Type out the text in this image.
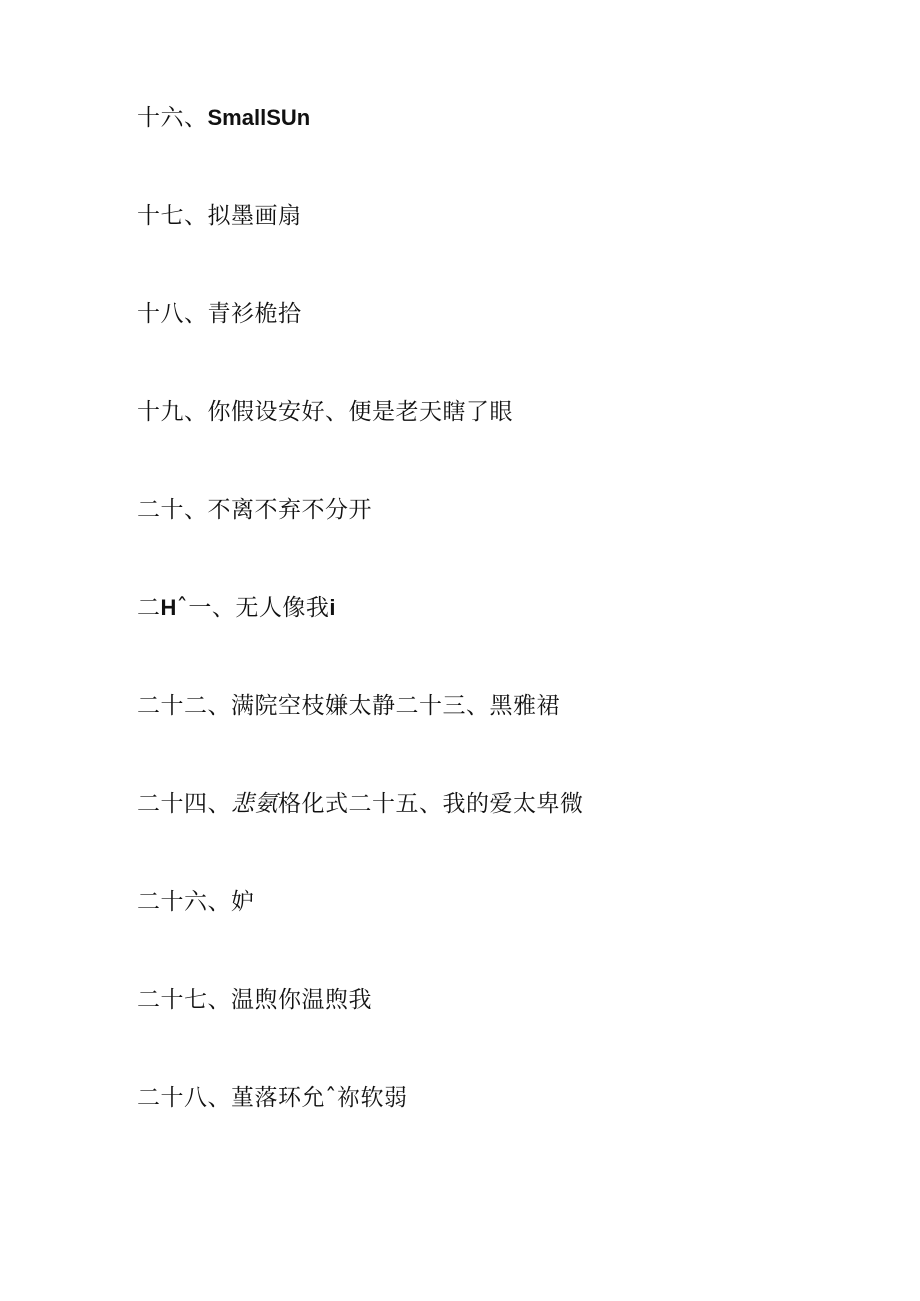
十六、SmallSUn
十七、拟墨画扇
十八、青衫桅拾
十九、你假设安好、便是老天瞎了眼
二十、不离不弃不分开
二Hˆ一、无人像我i
二十二、满院空枝嫌太静二十三、黑雅裙
二十四、悲氨格化式二十五、我的爱太卑微
二十六、妒
二十七、温煦你温煦我
二十八、堇落环允ˆ祢软弱
